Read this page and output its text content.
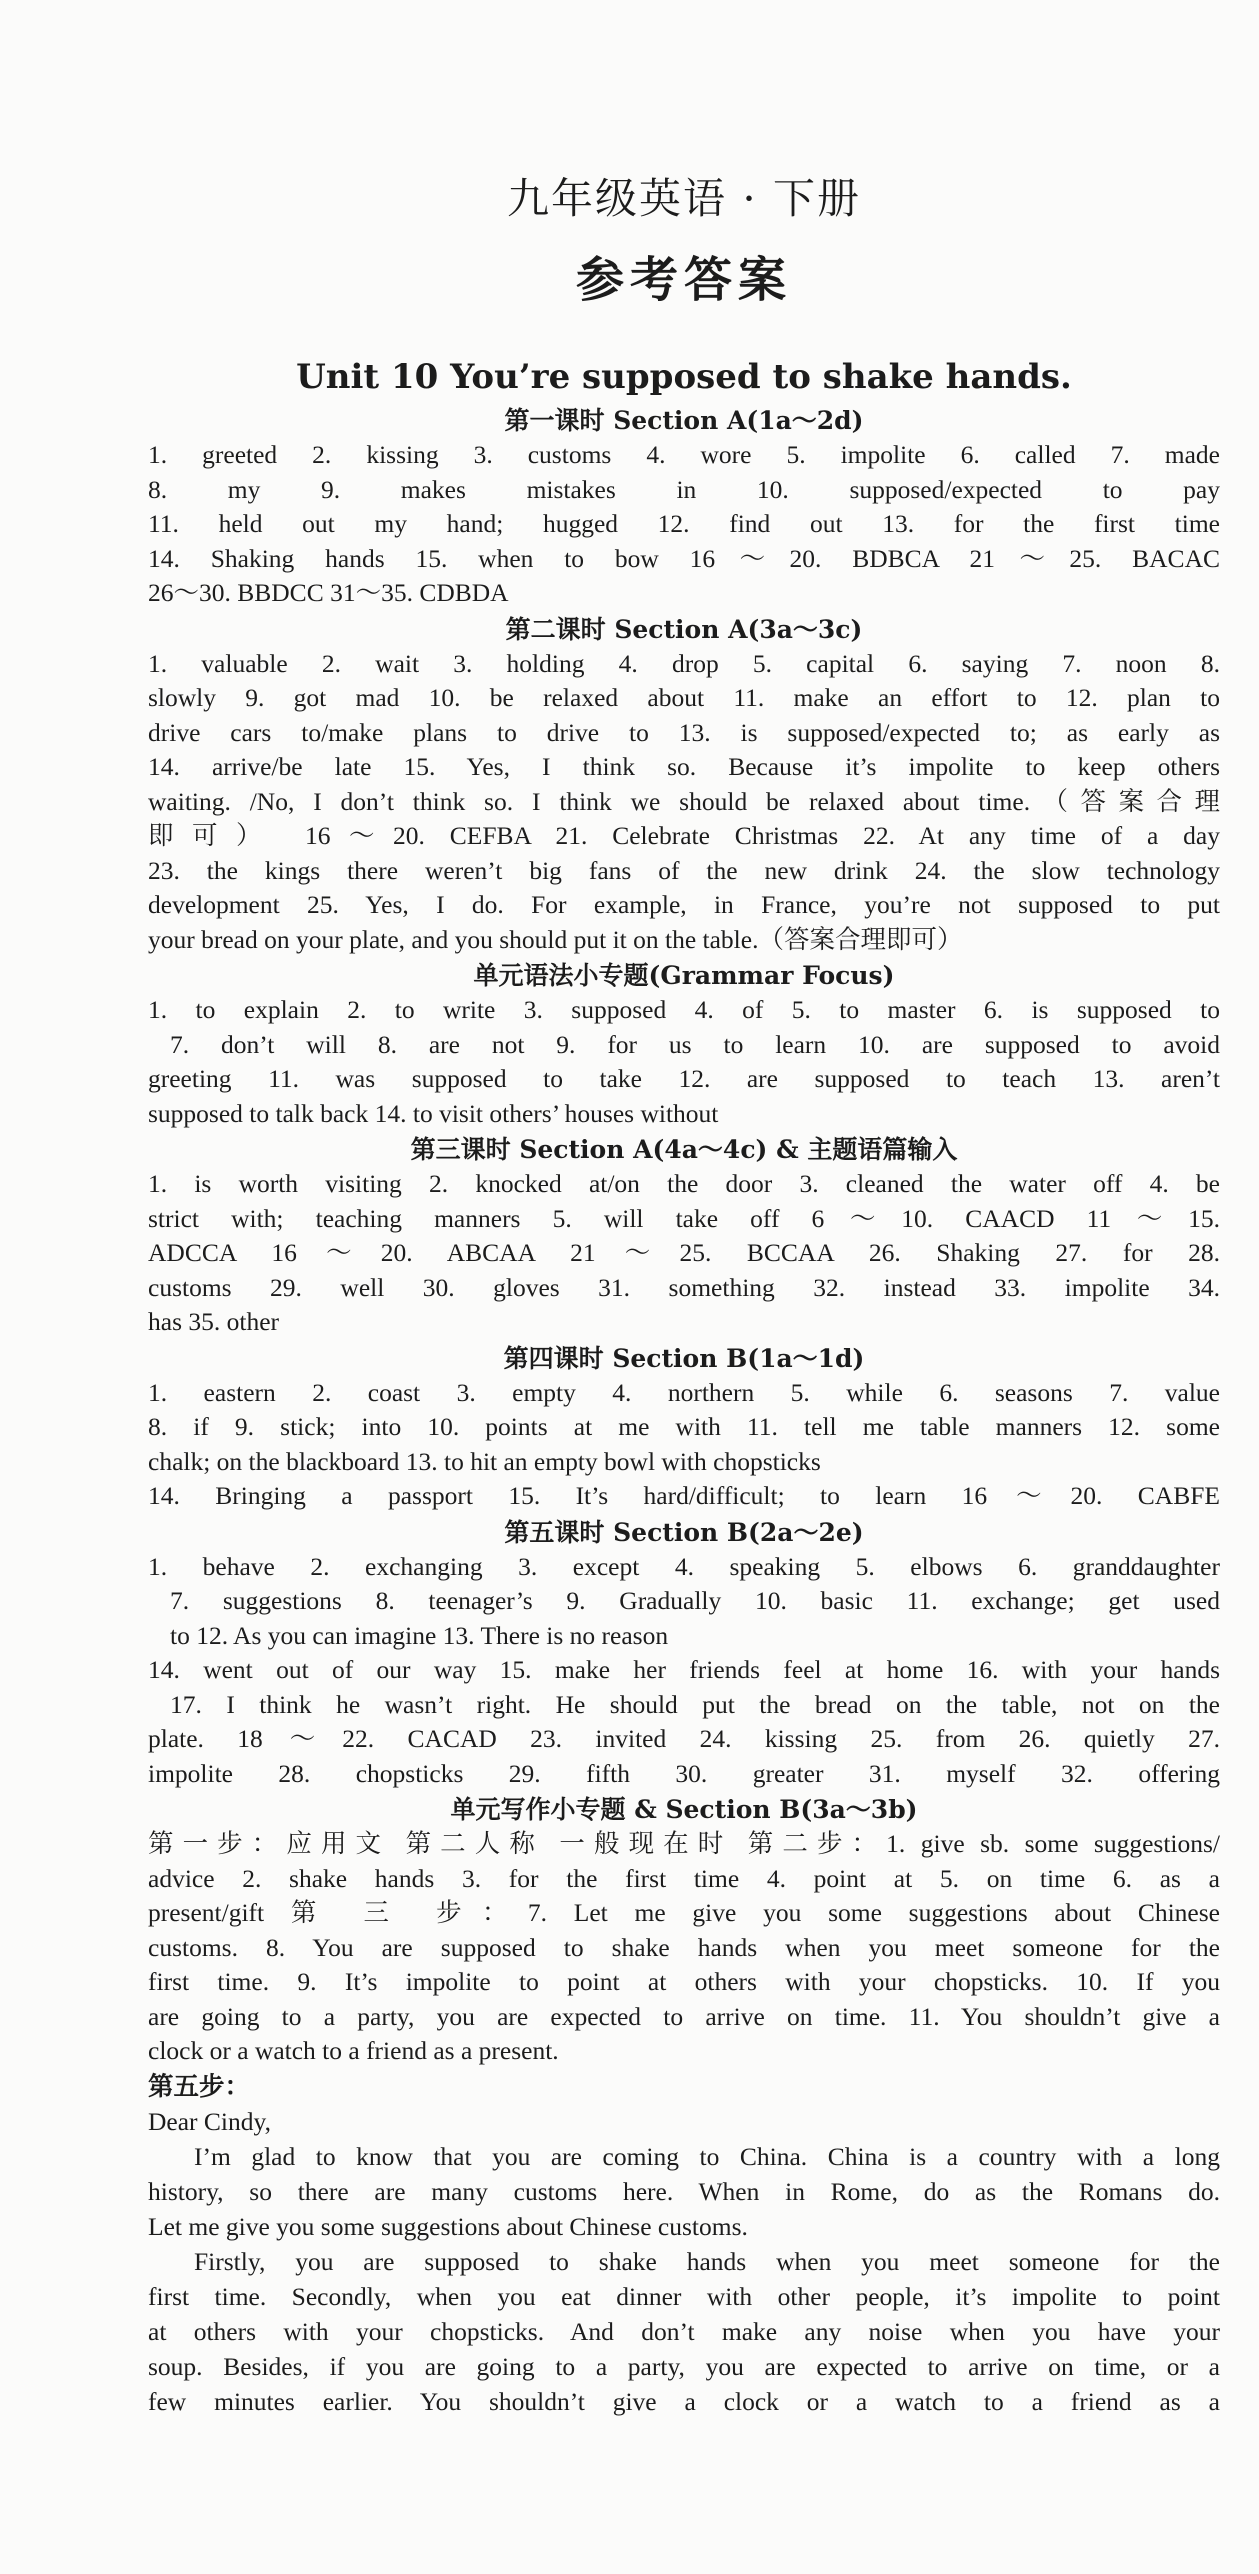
九年级英语 · 下册
参考答案
Unit 10 You’re supposed to shake hands.
第一课时 Section A(1a～2d)
1. greeted 2. kissing 3. customs 4. wore 5. impolite 6. called 7. made
8. my 9. makes mistakes in 10. supposed/expected to pay
11. held out my hand; hugged 12. find out 13. for the first time
14. Shaking hands 15. when to bow 16～20. BDBCA 21～25. BACAC
26～30. BBDCC 31～35. CDBDA
第二课时 Section A(3a～3c)
1. valuable 2. wait 3. holding 4. drop 5. capital 6. saying 7. noon 8.
slowly 9. got mad 10. be relaxed about 11. make an effort to 12. plan to
drive cars to/make plans to drive to 13. is supposed/expected to; as early as
14. arrive/be late 15. Yes, I think so. Because it’s impolite to keep others
waiting. /No, I don’t think so. I think we should be relaxed about time.（答案合理
即可） 16～20. CEFBA 21. Celebrate Christmas 22. At any time of a day
23. the kings there weren’t big fans of the new drink 24. the slow technology
development 25. Yes, I do. For example, in France, you’re not supposed to put
your bread on your plate, and you should put it on the table.（答案合理即可）
单元语法小专题(Grammar Focus)
1. to explain 2. to write 3. supposed 4. of 5. to master 6. is supposed to
7. don’t will 8. are not 9. for us to learn 10. are supposed to avoid
greeting 11. was supposed to take 12. are supposed to teach 13. aren’t
supposed to talk back 14. to visit others’ houses without
第三课时 Section A(4a～4c) & 主题语篇输入
1. is worth visiting 2. knocked at/on the door 3. cleaned the water off 4. be
strict with; teaching manners 5. will take off 6～10. CAACD 11～15.
ADCCA 16～20. ABCAA 21～25. BCCAA 26. Shaking 27. for 28.
customs 29. well 30. gloves 31. something 32. instead 33. impolite 34.
has 35. other
第四课时 Section B(1a～1d)
1. eastern 2. coast 3. empty 4. northern 5. while 6. seasons 7. value
8. if 9. stick; into 10. points at me with 11. tell me table manners 12. some
chalk; on the blackboard 13. to hit an empty bowl with chopsticks
14. Bringing a passport 15. It’s hard/difficult; to learn 16～20. CABFE
第五课时 Section B(2a～2e)
1. behave 2. exchanging 3. except 4. speaking 5. elbows 6. granddaughter
7. suggestions 8. teenager’s 9. Gradually 10. basic 11. exchange; get used
to 12. As you can imagine 13. There is no reason
14. went out of our way 15. make her friends feel at home 16. with your hands
17. I think he wasn’t right. He should put the bread on the table, not on the
plate. 18～22. CACAD 23. invited 24. kissing 25. from 26. quietly 27.
impolite 28. chopsticks 29. fifth 30. greater 31. myself 32. offering
单元写作小专题 & Section B(3a～3b)
第一步：应用文 第二人称 一般现在时 第二步：1. give sb. some suggestions/
advice 2. shake hands 3. for the first time 4. point at 5. on time 6. as a
present/gift 第 三 步：7. Let me give you some suggestions about Chinese
customs. 8. You are supposed to shake hands when you meet someone for the
first time. 9. It’s impolite to point at others with your chopsticks. 10. If you
are going to a party, you are expected to arrive on time. 11. You shouldn’t give a
clock or a watch to a friend as a present.
第五步：
Dear Cindy,
I’m glad to know that you are coming to China. China is a country with a long
history, so there are many customs here. When in Rome, do as the Romans do.
Let me give you some suggestions about Chinese customs.
Firstly, you are supposed to shake hands when you meet someone for the
first time. Secondly, when you eat dinner with other people, it’s impolite to point
at others with your chopsticks. And don’t make any noise when you have your
soup. Besides, if you are going to a party, you are expected to arrive on time, or a
few minutes earlier. You shouldn’t give a clock or a watch to a friend as a
